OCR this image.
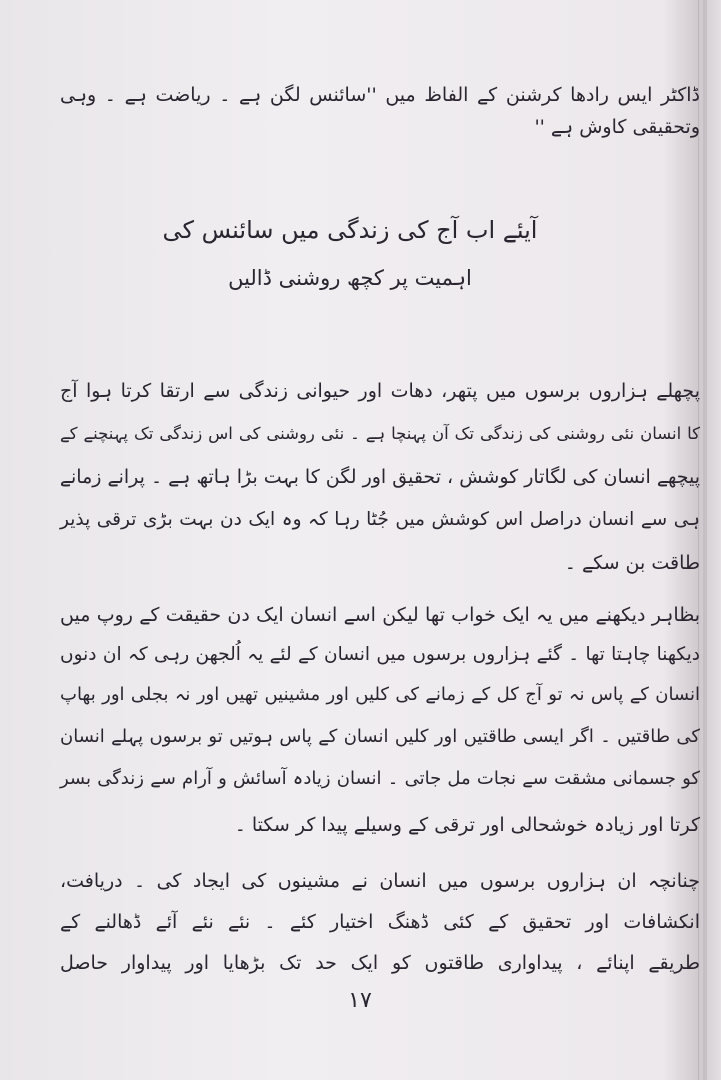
ڈاکٹر ایس رادھا کرشنن کے الفاظ میں ''سائنس لگن ہے ۔ ریاضت ہے ۔ وہی
وتحقیقی کاوش ہے ''
آیئے اب آج کی زندگی میں سائنس کی
اہمیت پر کچھ روشنی ڈالیں
پچھلے ہزاروں برسوں میں پتھر، دھات اور حیوانی زندگی سے ارتقا کرتا ہوا آج
کا انسان نئی روشنی کی زندگی تک آن پہنچا ہے ۔ نئی روشنی کی اس زندگی تک پہنچنے کے
پیچھے انسان کی لگاتار کوشش ، تحقیق اور لگن کا بہت بڑا ہاتھ ہے ۔ پرانے زمانے
ہی سے انسان دراصل اس کوشش میں جُٹا رہا کہ وہ ایک دن بہت بڑی ترقی پذیر
طاقت بن سکے ۔
بظاہر دیکھنے میں یہ ایک خواب تھا لیکن اسے انسان ایک دن حقیقت کے روپ میں
دیکھنا چاہتا تھا ۔ گئے ہزاروں برسوں میں انسان کے لئے یہ اُلجھن رہی کہ ان دنوں
انسان کے پاس نہ تو آج کل کے زمانے کی کلیں اور مشینیں تھیں اور نہ بجلی اور بھاپ
کی طاقتیں ۔ اگر ایسی طاقتیں اور کلیں انسان کے پاس ہوتیں تو برسوں پہلے انسان
کو جسمانی مشقت سے نجات مل جاتی ۔ انسان زیادہ آسائش و آرام سے زندگی بسر
کرتا اور زیادہ خوشحالی اور ترقی کے وسیلے پیدا کر سکتا ۔
چنانچہ ان ہزاروں برسوں میں انسان نے مشینوں کی ایجاد کی ۔ دریافت،
انکشافات اور تحقیق کے کئی ڈھنگ اختیار کئے ۔ نئے نئے آئے ڈھالنے کے
طریقے اپنائے ، پیداواری طاقتوں کو ایک حد تک بڑھایا اور پیداوار حاصل
۱۷
